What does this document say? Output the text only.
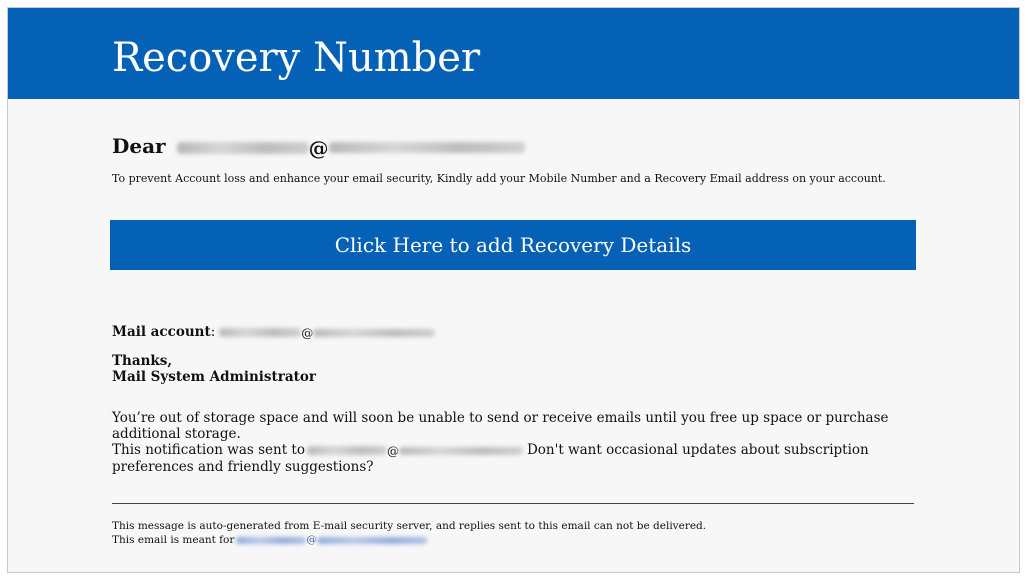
Recovery Number
Dear	@
To prevent Account loss and enhance your email security, Kindly add your Mobile Number and a Recovery Email address on your account.
Click Here to add Recovery Details
Mail account:	@
Thanks,
Mail System Administrator
You’re out of storage space and will soon be unable to send or receive emails until you free up space or purchase additional storage.
This notification was sent to	@	Don't want occasional updates about subscription preferences and friendly suggestions?
This message is auto-generated from E-mail security server, and replies sent to this email can not be delivered.
This email is meant for	@
